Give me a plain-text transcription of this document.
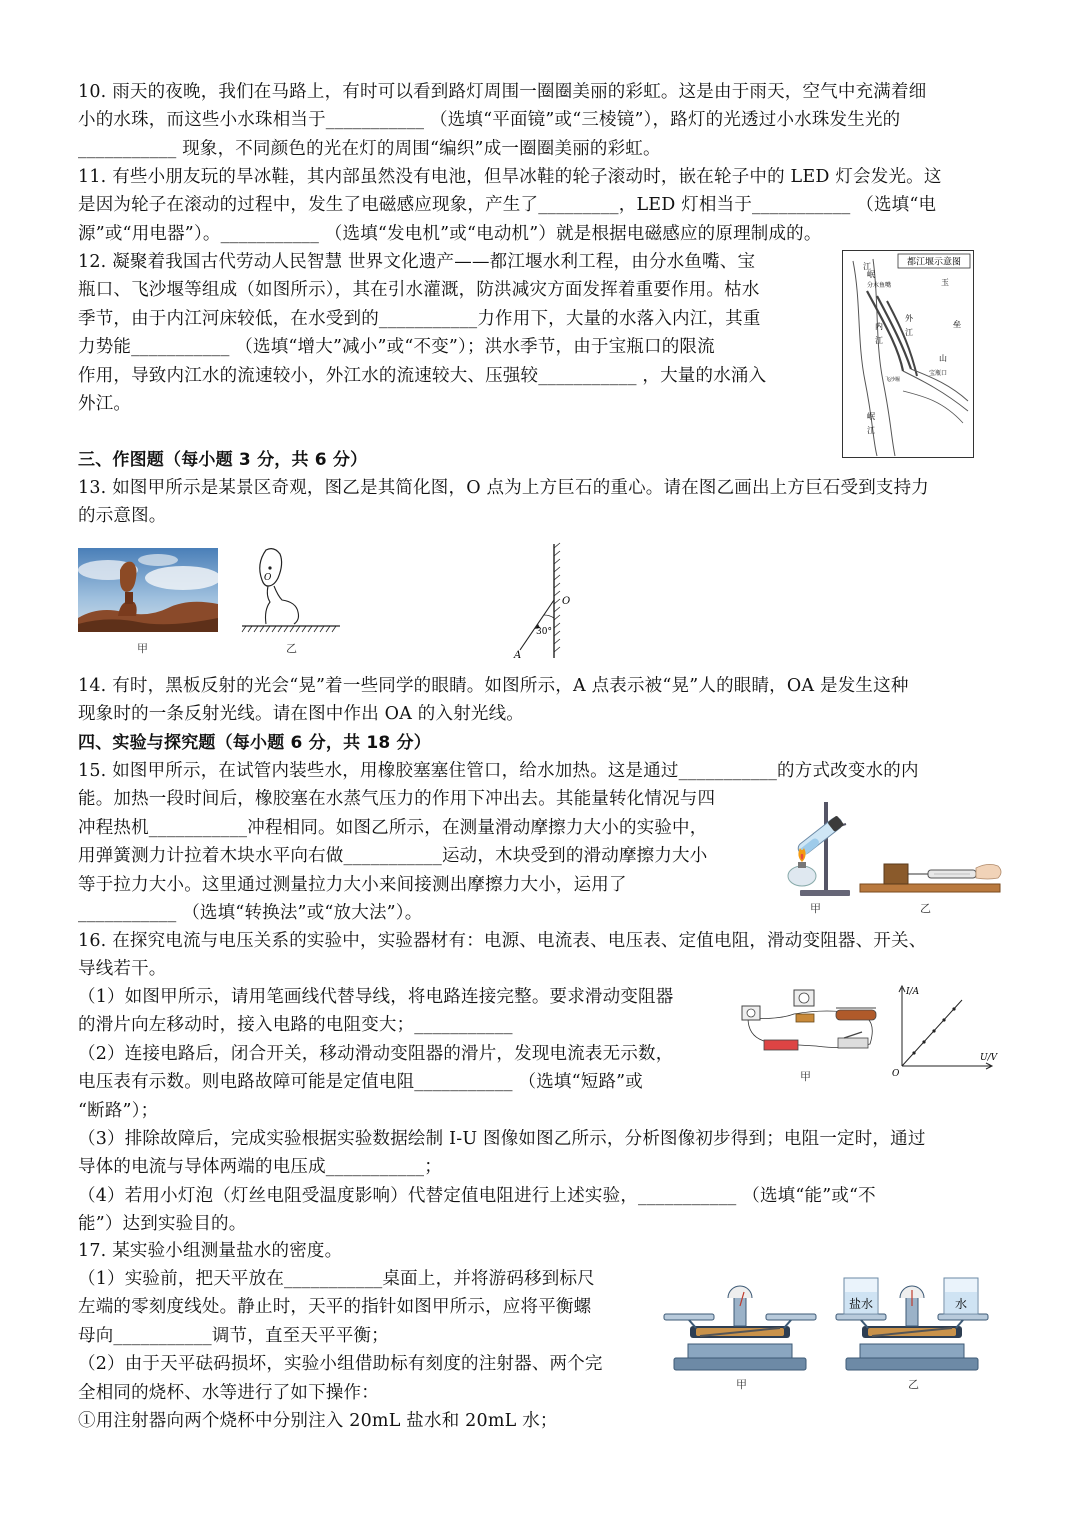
10. 雨天的夜晚，我们在马路上，有时可以看到路灯周围一圈圈美丽的彩虹。这是由于雨天，空气中充满着细
小的水珠，而这些小水珠相当于___________ （选填“平面镜”或“三棱镜”），路灯的光透过小水珠发生光的
___________ 现象，不同颜色的光在灯的周围“编织”成一圈圈美丽的彩虹。
11. 有些小朋友玩的旱冰鞋，其内部虽然没有电池，但旱冰鞋的轮子滚动时，嵌在轮子中的 LED 灯会发光。这
是因为轮子在滚动的过程中，发生了电磁感应现象，产生了_________，LED 灯相当于___________ （选填“电
源”或“用电器”）。___________ （选填“发电机”或“电动机”）就是根据电磁感应的原理制成的。
12. 凝聚着我国古代劳动人民智慧 世界文化遗产——都江堰水利工程，由分水鱼嘴、宝
瓶口、飞沙堰等组成（如图所示），其在引水灌溉，防洪减灾方面发挥着重要作用。枯水
季节，由于内江河床较低，在水受到的___________力作用下，大量的水落入内江，其重
力势能___________ （选填“增大”减小”或“不变”）；洪水季节，由于宝瓶口的限流
作用，导致内江水的流速较小，外江水的流速较大、压强较___________ ，大量的水涌入
外江。
都江堰示意图
玉
垒
山
宝瓶口
分水鱼嘴
岷
江
内
江
外
江
飞沙堰
岷
江
三、作图题（每小题 3 分，共 6 分）
13. 如图甲所示是某景区奇观，图乙是其简化图，O 点为上方巨石的重心。请在图乙画出上方巨石受到支持力
的示意图。
甲
O
乙
O
30°
A
14. 有时，黑板反射的光会“晃”着一些同学的眼睛。如图所示，A 点表示被“晃”人的眼睛，OA 是发生这种
现象时的一条反射光线。请在图中作出 OA 的入射光线。
四、实验与探究题（每小题 6 分，共 18 分）
15. 如图甲所示，在试管内装些水，用橡胶塞塞住管口，给水加热。这是通过___________的方式改变水的内
能。加热一段时间后，橡胶塞在水蒸气压力的作用下冲出去。其能量转化情况与四
冲程热机___________冲程相同。如图乙所示，在测量滑动摩擦力大小的实验中，
用弹簧测力计拉着木块水平向右做___________运动，木块受到的滑动摩擦力大小
等于拉力大小。这里通过测量拉力大小来间接测出摩擦力大小，运用了
___________ （选填“转换法”或“放大法”）。	甲	乙
16. 在探究电流与电压关系的实验中，实验器材有：电源、电流表、电压表、定值电阻，滑动变阻器、开关、
导线若干。
（1）如图甲所示，请用笔画线代替导线，将电路连接完整。要求滑动变阻器
的滑片向左移动时，接入电路的电阻变大；___________
（2）连接电路后，闭合开关，移动滑动变阻器的滑片，发现电流表无示数，
电压表有示数。则电路故障可能是定值电阻___________ （选填“短路”或
“断路”）；
甲
I/A
U/V
O
（3）排除故障后，完成实验根据实验数据绘制 I-U 图像如图乙所示，分析图像初步得到；电阻一定时，通过
导体的电流与导体两端的电压成___________；
（4）若用小灯泡（灯丝电阻受温度影响）代替定值电阻进行上述实验，___________ （选填“能”或“不
能”）达到实验目的。
17. 某实验小组测量盐水的密度。
（1）实验前，把天平放在___________桌面上，并将游码移到标尺
左端的零刻度线处。静止时，天平的指针如图甲所示，应将平衡螺
母向___________调节，直至天平平衡；
（2）由于天平砝码损坏，实验小组借助标有刻度的注射器、两个完
全相同的烧杯、水等进行了如下操作：
①用注射器向两个烧杯中分别注入 20mL 盐水和 20mL 水；
甲
盐水	水
乙
